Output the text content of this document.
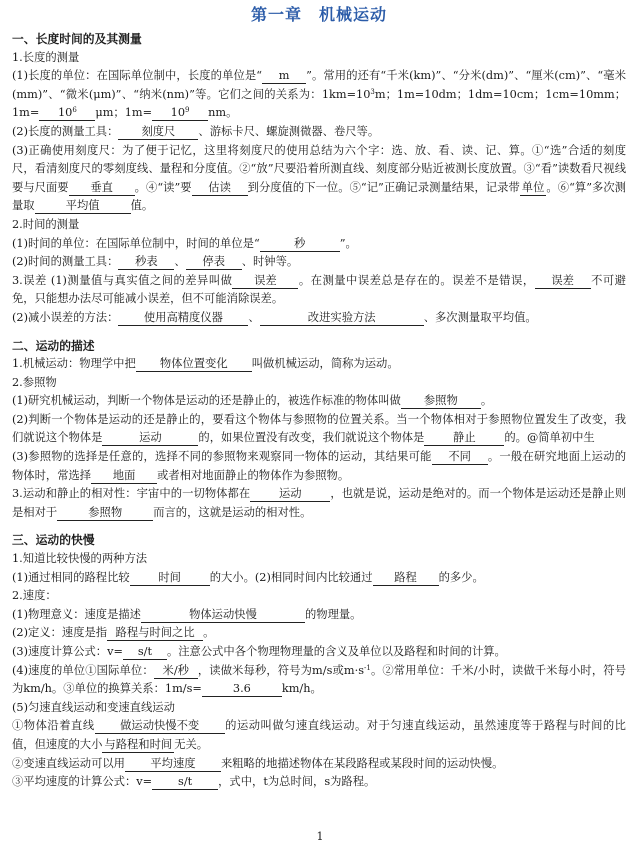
第一章　机械运动
一、长度时间的及其测量

1.长度的测量

(1)长度的单位：在国际单位制中，长度的单位是“ m ”。常用的还有“千米(km)”、“分米(dm)”、“厘米(cm)”、“毫米(mm)”、“微米(μm)”、“纳米(nm)”等。它们之间的关系为：$1km=10^3m$；1m=10dm；1dm=10cm；1cm=10mm；$1m= 10^6$ μm；$1m= 10^9$ nm。

(2)长度的测量工具： 刻度尺 、游标卡尺、螺旋测微器、卷尺等。

(3)正确使用刻度尺：为了便于记忆，这里将刻度尺的使用总结为六个字：选、放、看、读、记、算。①“选”合适的刻度尺，看清刻度尺的零刻度线、量程和分度值。②“放”尺要沿着所测直线、刻度部分贴近被测长度放置。③“看”读数看尺视线要与尺面要 垂直 。④“读”要 估读 到分度值的下一位。⑤“记”正确记录测量结果，记录带 单位 。⑥“算”多次测量取	平均值	值。

2.时间的测量

(1)时间的单位：在国际单位制中，时间的单位是“	秒	”。

(2)时间的测量工具： 秒表 、 停表 、时钟等。

3.误差 (1)测量值与真实值之间的差异叫做 误差 。在测量中误差总是存在的。误差不是错误， 误差 不可避免，只能想办法尽可能减小误差，但不可能消除误差。

(2)减小误差的方法： 使用高精度仪器 、	改进实验方法	、多次测量取平均值。

二、运动的描述

1.机械运动：物理学中把 物体位置变化 叫做机械运动，简称为运动。

2.参照物

(1)研究机械运动，判断一个物体是运动的还是静止的，被选作标准的物体叫做 参照物 。

(2)判断一个物体是运动的还是静止的，要看这个物体与参照物的位置关系。当一个物体相对于参照物位置发生了改变，我们就说这个物体是	运动	的，如果位置没有改变，我们就说这个物体是	静止	的。@简单初中生

(3)参照物的选择是任意的，选择不同的参照物来观察同一物体的运动，其结果可能 不同 。一般在研究地面上运动的物体时，常选择 地面 或者相对地面静止的物体作为参照物。

3.运动和静止的相对性：宇宙中的一切物体都在	运动	，也就是说，运动是绝对的。而一个物体是运动还是静止则是相对于	参照物	而言的，这就是运动的相对性。

三、运动的快慢

1.知道比较快慢的两种方法

(1)通过相同的路程比较	时间	的大小。(2)相同时间内比较通过 路程 的多少。

2.速度：

(1)物理意义：速度是描述	物体运动快慢	的物理量。

(2)定义：速度是指 路程与时间之比 。

(3)速度计算公式：v= s/t 。注意公式中各个物理物理量的含义及单位以及路程和时间的计算。

(4)速度的单位①国际单位： 米/秒 ，读做米每秒，符号为m/s或$m\cdot s^{-1}$。②常用单位：千米/小时，读做千米每小时，符号为km/h。③单位的换算关系：1m/s=	3.6	km/h。

(5)匀速直线运动和变速直线运动

①物体沿着直线 做运动快慢不变 的运动叫做匀速直线运动。对于匀速直线运动，虽然速度等于路程与时间的比值，但速度的大小 与路程和时间 无关。

②变速直线运动可以用 平均速度 来粗略的地描述物体在某段路程或某段时间的运动快慢。

③平均速度的计算公式：v= s/t ，式中，t为总时间，s为路程。

1
